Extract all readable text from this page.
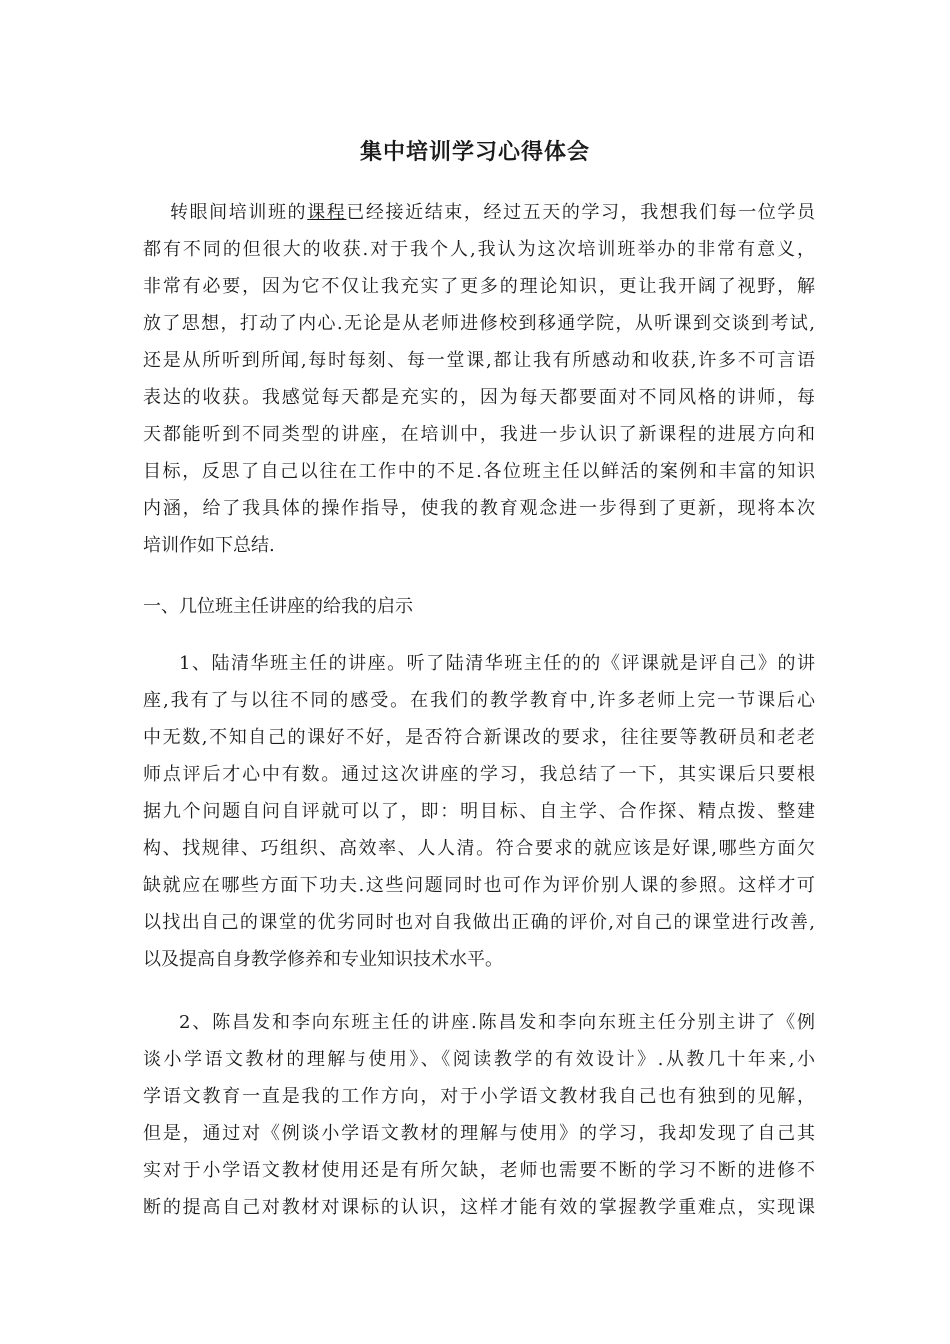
集中培训学习心得体会
转眼间培训班的课程已经接近结束，经过五天的学习，我想我们每一位学员
都有不同的但很大的收获.对于我个人,我认为这次培训班举办的非常有意义，
非常有必要，因为它不仅让我充实了更多的理论知识，更让我开阔了视野，解
放了思想，打动了内心.无论是从老师进修校到移通学院，从听课到交谈到考试,
还是从所听到所闻,每时每刻、每一堂课,都让我有所感动和收获,许多不可言语
表达的收获。我感觉每天都是充实的，因为每天都要面对不同风格的讲师，每
天都能听到不同类型的讲座，在培训中，我进一步认识了新课程的进展方向和
目标，反思了自己以往在工作中的不足.各位班主任以鲜活的案例和丰富的知识
内涵，给了我具体的操作指导，使我的教育观念进一步得到了更新，现将本次
培训作如下总结.
一、几位班主任讲座的给我的启示
1、陆清华班主任的讲座。听了陆清华班主任的的《评课就是评自己》的讲
座,我有了与以往不同的感受。在我们的教学教育中,许多老师上完一节课后心
中无数,不知自己的课好不好，是否符合新课改的要求，往往要等教研员和老老
师点评后才心中有数。通过这次讲座的学习，我总结了一下，其实课后只要根
据九个问题自问自评就可以了，即：明目标、自主学、合作探、精点拨、整建
构、找规律、巧组织、高效率、人人清。符合要求的就应该是好课,哪些方面欠
缺就应在哪些方面下功夫.这些问题同时也可作为评价别人课的参照。这样才可
以找出自己的课堂的优劣同时也对自我做出正确的评价,对自己的课堂进行改善,
以及提高自身教学修养和专业知识技术水平。
2、陈昌发和李向东班主任的讲座.陈昌发和李向东班主任分别主讲了《例
谈小学语文教材的理解与使用》、《阅读教学的有效设计》.从教几十年来,小
学语文教育一直是我的工作方向，对于小学语文教材我自己也有独到的见解，
但是，通过对《例谈小学语文教材的理解与使用》的学习，我却发现了自己其
实对于小学语文教材使用还是有所欠缺，老师也需要不断的学习不断的进修不
断的提高自己对教材对课标的认识，这样才能有效的掌握教学重难点，实现课
